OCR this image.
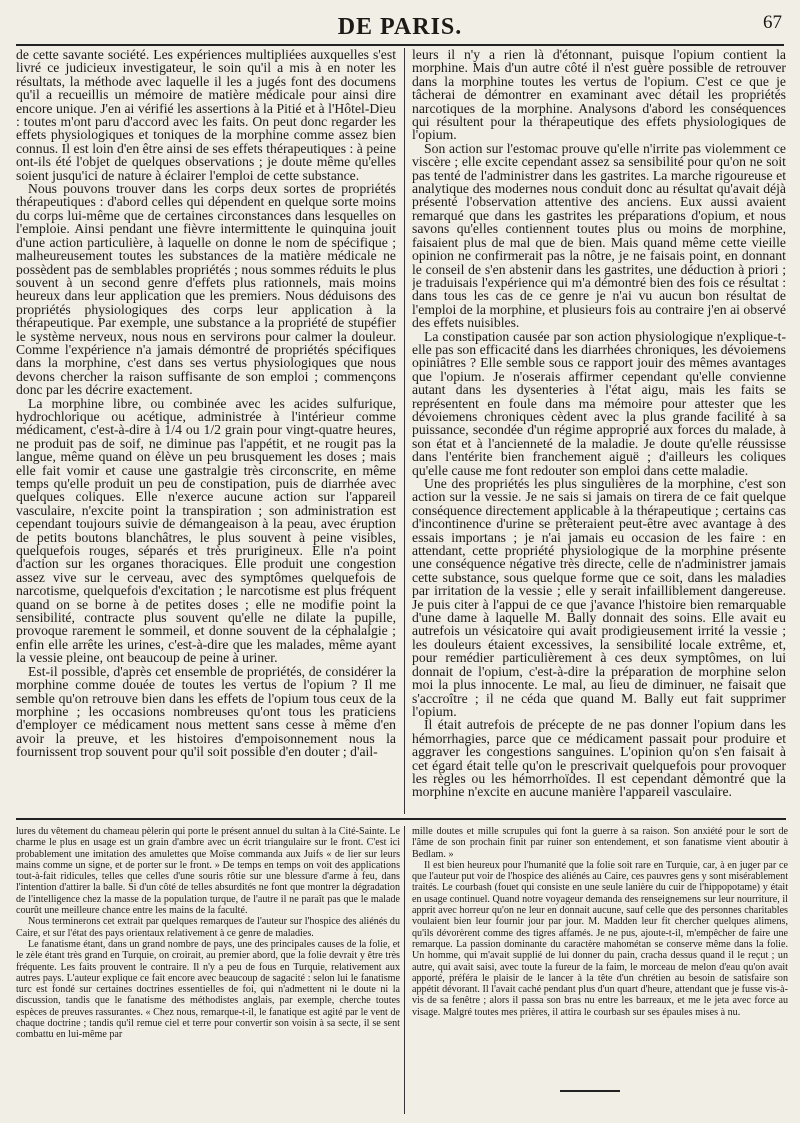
DE PARIS.	67

de cette savante société. Les expériences multipliées auxquelles s'est livré ce judicieux investigateur, le soin qu'il a mis à en noter les résultats, la méthode avec laquelle il les a jugés font des documens qu'il a recueillis un mémoire de matière médicale pour ainsi dire encore unique. J'en ai vérifié les assertions à la Pitié et à l'Hôtel-Dieu : toutes m'ont paru d'accord avec les faits. On peut donc regarder les effets physiologiques et toniques de la morphine comme assez bien connus. Il est loin d'en être ainsi de ses effets thérapeutiques : à peine ont-ils été l'objet de quelques observations ; je doute même qu'elles soient jusqu'ici de nature à éclairer l'emploi de cette substance.

Nous pouvons trouver dans les corps deux sortes de propriétés thérapeutiques : d'abord celles qui dépendent en quelque sorte moins du corps lui-même que de certaines circonstances dans lesquelles on l'emploie. Ainsi pendant une fièvre intermittente le quinquina jouit d'une action particulière, à laquelle on donne le nom de spécifique ; malheureusement toutes les substances de la matière médicale ne possèdent pas de semblables propriétés ; nous sommes réduits le plus souvent à un second genre d'effets plus rationnels, mais moins heureux dans leur application que les premiers. Nous déduisons des propriétés physiologiques des corps leur application à la thérapeutique. Par exemple, une substance a la propriété de stupéfier le système nerveux, nous nous en servirons pour calmer la douleur. Comme l'expérience n'a jamais démontré de propriétés spécifiques dans la morphine, c'est dans ses vertus physiologiques que nous devons chercher la raison suffisante de son emploi ; commençons donc par les décrire exactement.

La morphine libre, ou combinée avec les acides sulfurique, hydrochlorique ou acétique, administrée à l'intérieur comme médicament, c'est-à-dire à 1/4 ou 1/2 grain pour vingt-quatre heures, ne produit pas de soif, ne diminue pas l'appétit, et ne rougit pas la langue, même quand on élève un peu brusquement les doses ; mais elle fait vomir et cause une gastralgie très circonscrite, en même temps qu'elle produit un peu de constipation, puis de diarrhée avec quelques coliques. Elle n'exerce aucune action sur l'appareil vasculaire, n'excite point la transpiration ; son administration est cependant toujours suivie de démangeaison à la peau, avec éruption de petits boutons blanchâtres, le plus souvent à peine visibles, quelquefois rouges, séparés et très prurigineux. Elle n'a point d'action sur les organes thoraciques. Elle produit une congestion assez vive sur le cerveau, avec des symptômes quelquefois de narcotisme, quelquefois d'excitation ; le narcotisme est plus fréquent quand on se borne à de petites doses ; elle ne modifie point la sensibilité, contracte plus souvent qu'elle ne dilate la pupille, provoque rarement le sommeil, et donne souvent de la céphalalgie ; enfin elle arrête les urines, c'est-à-dire que les malades, même ayant la vessie pleine, ont beaucoup de peine à uriner.

Est-il possible, d'après cet ensemble de propriétés, de considérer la morphine comme douée de toutes les vertus de l'opium ? Il me semble qu'on retrouve bien dans les effets de l'opium tous ceux de la morphine ; les occasions nombreuses qu'ont tous les praticiens d'employer ce médicament nous mettent sans cesse à même d'en avoir la preuve, et les histoires d'empoisonnement nous la fournissent trop souvent pour qu'il soit possible d'en douter ; d'ail-

leurs il n'y a rien là d'étonnant, puisque l'opium contient la morphine. Mais d'un autre côté il n'est guère possible de retrouver dans la morphine toutes les vertus de l'opium. C'est ce que je tâcherai de démontrer en examinant avec détail les propriétés narcotiques de la morphine. Analysons d'abord les conséquences qui résultent pour la thérapeutique des effets physiologiques de l'opium.

Son action sur l'estomac prouve qu'elle n'irrite pas violemment ce viscère ; elle excite cependant assez sa sensibilité pour qu'on ne soit pas tenté de l'administrer dans les gastrites. La marche rigoureuse et analytique des modernes nous conduit donc au résultat qu'avait déjà présenté l'observation attentive des anciens. Eux aussi avaient remarqué que dans les gastrites les préparations d'opium, et nous savons qu'elles contiennent toutes plus ou moins de morphine, faisaient plus de mal que de bien. Mais quand même cette vieille opinion ne confirmerait pas la nôtre, je ne faisais point, en donnant le conseil de s'en abstenir dans les gastrites, une déduction à priori ; je traduisais l'expérience qui m'a démontré bien des fois ce résultat : dans tous les cas de ce genre je n'ai vu aucun bon résultat de l'emploi de la morphine, et plusieurs fois au contraire j'en ai observé des effets nuisibles.

La constipation causée par son action physiologique n'explique-t-elle pas son efficacité dans les diarrhées chroniques, les dévoiemens opiniâtres ? Elle semble sous ce rapport jouir des mêmes avantages que l'opium. Je n'oserais affirmer cependant qu'elle convienne autant dans les dysenteries à l'état aigu, mais les faits se représentent en foule dans ma mémoire pour attester que les dévoiemens chroniques cèdent avec la plus grande facilité à sa puissance, secondée d'un régime approprié aux forces du malade, à son état et à l'ancienneté de la maladie. Je doute qu'elle réussisse dans l'entérite bien franchement aiguë ; d'ailleurs les coliques qu'elle cause me font redouter son emploi dans cette maladie.

Une des propriétés les plus singulières de la morphine, c'est son action sur la vessie. Je ne sais si jamais on tirera de ce fait quelque conséquence directement applicable à la thérapeutique ; certains cas d'incontinence d'urine se prêteraient peut-être avec avantage à des essais importans ; je n'ai jamais eu occasion de les faire : en attendant, cette propriété physiologique de la morphine présente une conséquence négative très directe, celle de n'administrer jamais cette substance, sous quelque forme que ce soit, dans les maladies par irritation de la vessie ; elle y serait infailliblement dangereuse. Je puis citer à l'appui de ce que j'avance l'histoire bien remarquable d'une dame à laquelle M. Bally donnait des soins. Elle avait eu autrefois un vésicatoire qui avait prodigieusement irrité la vessie ; les douleurs étaient excessives, la sensibilité locale extrême, et, pour remédier particulièrement à ces deux symptômes, on lui donnait de l'opium, c'est-à-dire la préparation de morphine selon moi la plus innocente. Le mal, au lieu de diminuer, ne faisait que s'accroître ; il ne céda que quand M. Bally eut fait supprimer l'opium.

Il était autrefois de précepte de ne pas donner l'opium dans les hémorrhagies, parce que ce médicament passait pour produire et aggraver les congestions sanguines. L'opinion qu'on s'en faisait à cet égard était telle qu'on le prescrivait quelquefois pour provoquer les règles ou les hémorrhoïdes. Il est cependant démontré que la morphine n'excite en aucune manière l'appareil vasculaire.

lures du vêtement du chameau pèlerin qui porte le présent annuel du sultan à la Cité-Sainte. Le charme le plus en usage est un grain d'ambre avec un écrit triangulaire sur le front. C'est ici probablement une imitation des amulettes que Moïse commanda aux Juifs « de lier sur leurs mains comme un signe, et de porter sur le front. » De temps en temps on voit des applications tout-à-fait ridicules, telles que celles d'une souris rôtie sur une blessure d'arme à feu, dans l'intention d'attirer la balle. Si d'un côté de telles absurdités ne font que montrer la dégradation de l'intelligence chez la masse de la population turque, de l'autre il ne paraît pas que le malade courût une meilleure chance entre les mains de la faculté.

Nous terminerons cet extrait par quelques remarques de l'auteur sur l'hospice des aliénés du Caire, et sur l'état des pays orientaux relativement à ce genre de maladies.

Le fanatisme étant, dans un grand nombre de pays, une des principales causes de la folie, et le zèle étant très grand en Turquie, on croirait, au premier abord, que la folie devrait y être très fréquente. Les faits prouvent le contraire. Il n'y a peu de fous en Turquie, relativement aux autres pays. L'auteur explique ce fait encore avec beaucoup de sagacité : selon lui le fanatisme turc est fondé sur certaines doctrines essentielles de foi, qui n'admettent ni le doute ni la discussion, tandis que le fanatisme des méthodistes anglais, par exemple, cherche toutes espèces de preuves rassurantes. « Chez nous, remarque-t-il, le fanatique est agité par le vent de chaque doctrine ; tandis qu'il remue ciel et terre pour convertir son voisin à sa secte, il se sent combattu en lui-même par

mille doutes et mille scrupules qui font la guerre à sa raison. Son anxiété pour le sort de l'âme de son prochain finit par ruiner son entendement, et son fanatisme vient aboutir à Bedlam. »

Il est bien heureux pour l'humanité que la folie soit rare en Turquie, car, à en juger par ce que l'auteur put voir de l'hospice des aliénés au Caire, ces pauvres gens y sont misérablement traités. Le courbash (fouet qui consiste en une seule lanière du cuir de l'hippopotame) y était en usage continuel. Quand notre voyageur demanda des renseignemens sur leur nourriture, il apprit avec horreur qu'on ne leur en donnait aucune, sauf celle que des personnes charitables voulaient bien leur fournir jour par jour. M. Madden leur fit chercher quelques alimens, qu'ils dévorèrent comme des tigres affamés. Je ne pus, ajoute-t-il, m'empêcher de faire une remarque. La passion dominante du caractère mahométan se conserve même dans la folie. Un homme, qui m'avait supplié de lui donner du pain, cracha dessus quand il le reçut ; un autre, qui avait saisi, avec toute la fureur de la faim, le morceau de melon d'eau qu'on avait apporté, préféra le plaisir de le lancer à la tête d'un chrétien au besoin de satisfaire son appétit dévorant. Il l'avait caché pendant plus d'un quart d'heure, attendant que je fusse vis-à-vis de sa fenêtre ; alors il passa son bras nu entre les barreaux, et me le jeta avec force au visage. Malgré toutes mes prières, il attira le courbash sur ses épaules mises à nu.
